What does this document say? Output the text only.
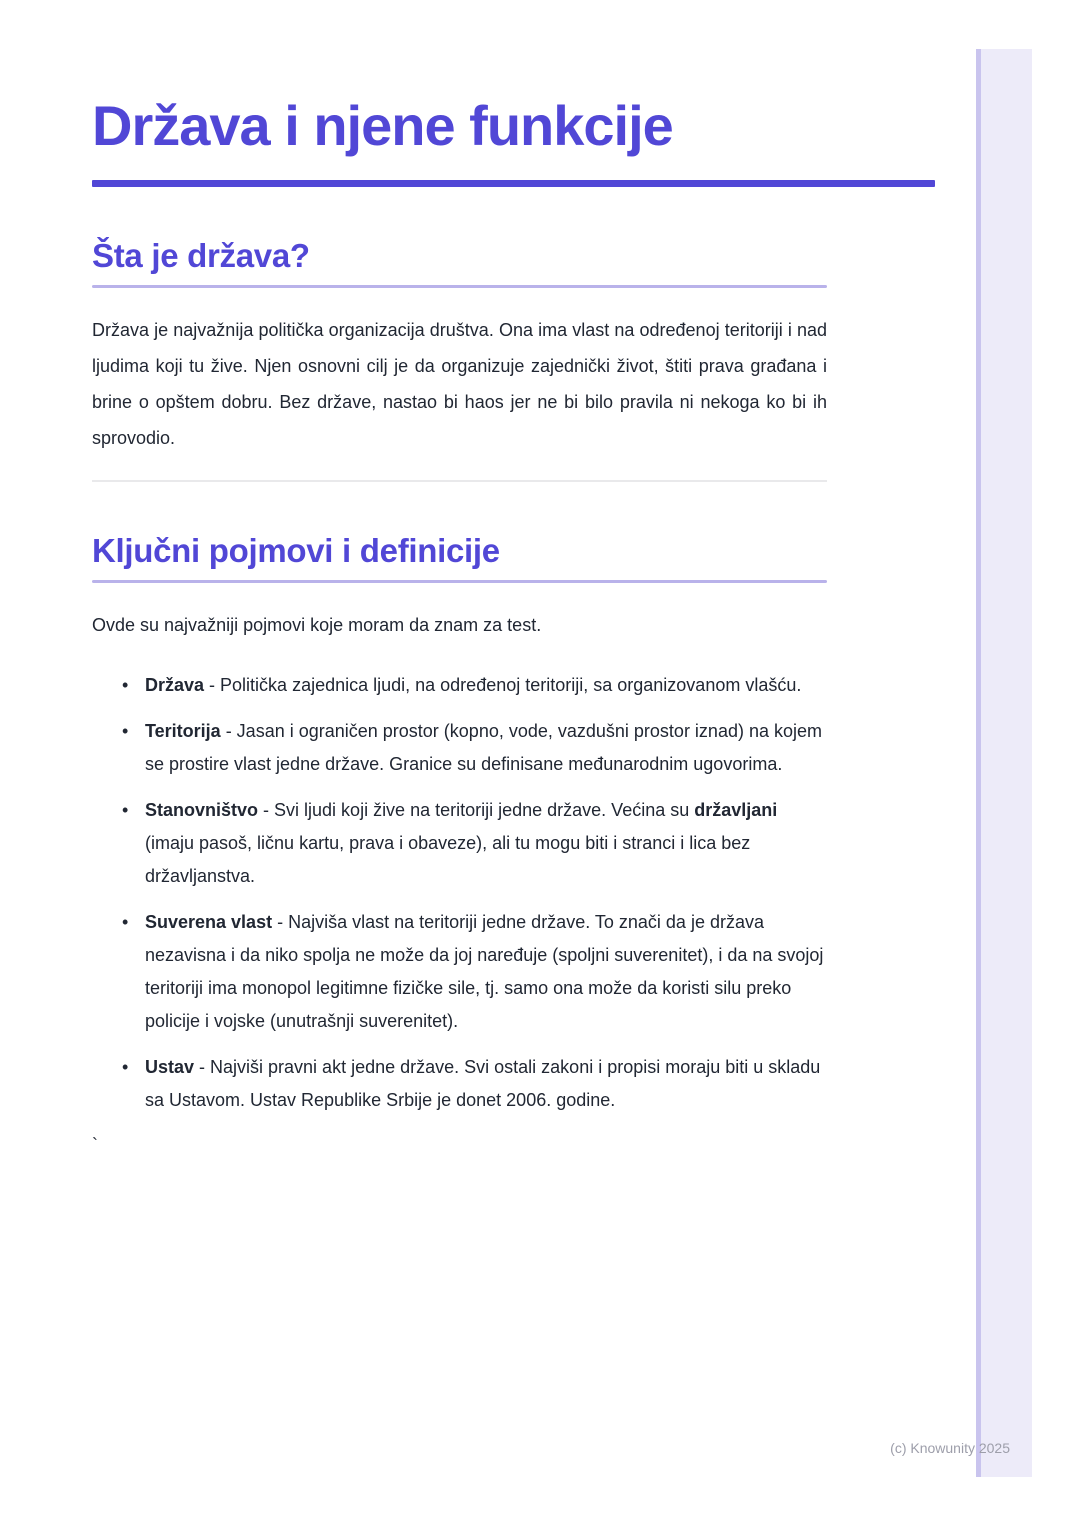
Država i njene funkcije
Šta je država?

Država je najvažnija politička organizacija društva. Ona ima vlast na određenoj teritoriji i nad ljudima koji tu žive. Njen osnovni cilj je da organizuje zajednički život, štiti prava građana i brine o opštem dobru. Bez države, nastao bi haos jer ne bi bilo pravila ni nekoga ko bi ih sprovodio.

Ključni pojmovi i definicije

Ovde su najvažniji pojmovi koje moram da znam za test.

• Država - Politička zajednica ljudi, na određenoj teritoriji, sa organizovanom vlašću.
• Teritorija - Jasan i ograničen prostor (kopno, vode, vazdušni prostor iznad) na kojem se prostire vlast jedne države. Granice su definisane međunarodnim ugovorima.
• Stanovništvo - Svi ljudi koji žive na teritoriji jedne države. Većina su državljani (imaju pasoš, ličnu kartu, prava i obaveze), ali tu mogu biti i stranci i lica bez državljanstva.
• Suverena vlast - Najviša vlast na teritoriji jedne države. To znači da je država nezavisna i da niko spolja ne može da joj naređuje (spoljni suverenitet), i da na svojoj teritoriji ima monopol legitimne fizičke sile, tj. samo ona može da koristi silu preko policije i vojske (unutrašnji suverenitet).
• Ustav - Najviši pravni akt jedne države. Svi ostali zakoni i propisi moraju biti u skladu sa Ustavom. Ustav Republike Srbije je donet 2006. godine.
`
(c) Knowunity 2025
